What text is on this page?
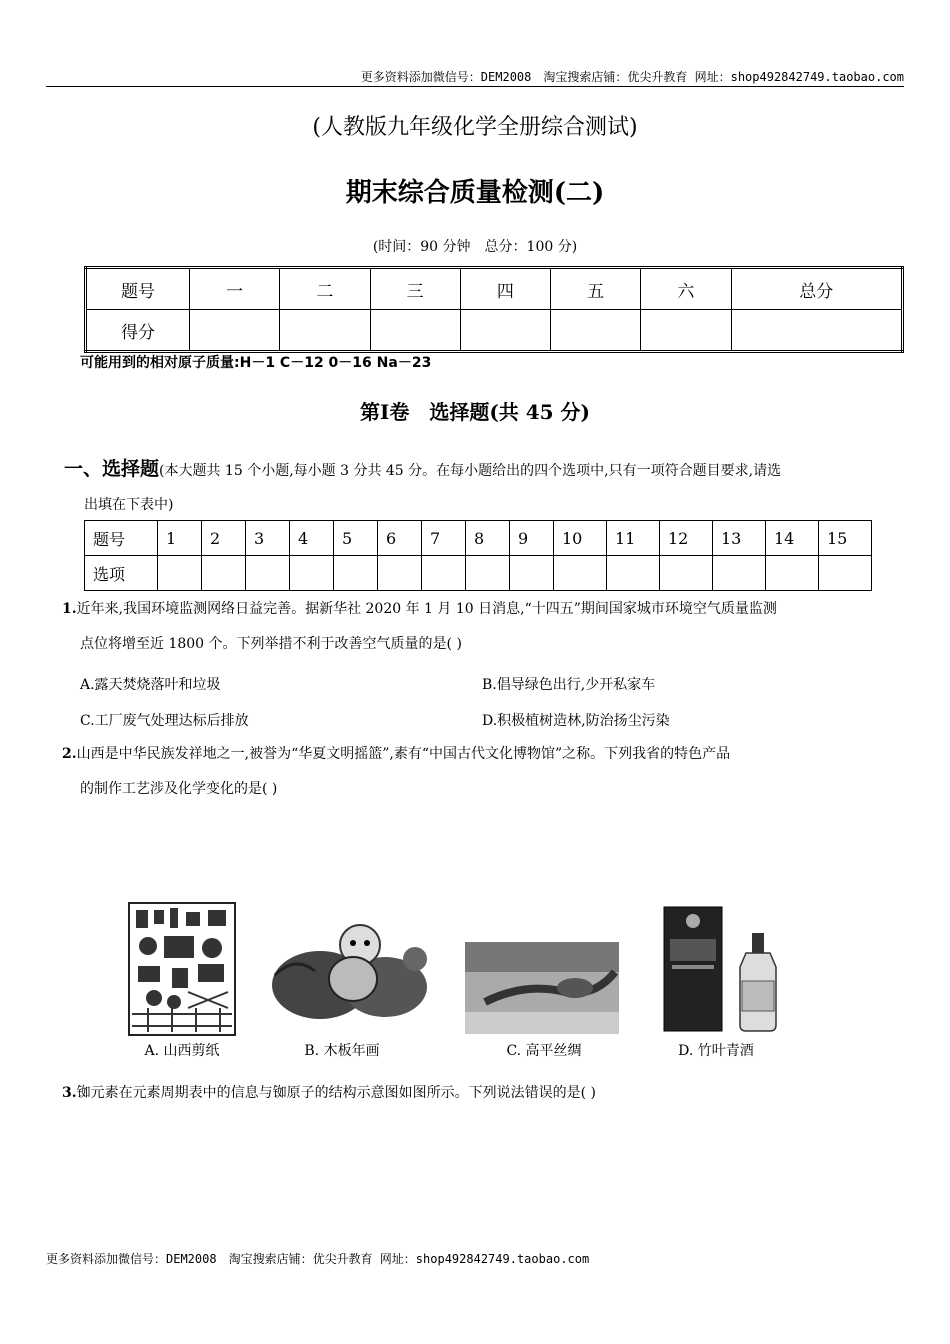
更多资料添加微信号：DEM2008　淘宝搜索店铺：优尖升教育 网址：shop492842749.taobao.com
(人教版九年级化学全册综合测试)
期末综合质量检测(二)
(时间：90 分钟　总分：100 分)
题号	一	二	三	四	五	六	总分
得分							
可能用到的相对原子质量:H－1 C－12 0－16 Na－23
第Ⅰ卷　选择题(共 45 分)
一、选择题(本大题共 15 个小题,每小题 3 分共 45 分。在每小题给出的四个选项中,只有一项符合题目要求,请选
出填在下表中)
题号	1	2	3	4	5	6	7	8	9	10	11	12	13	14	15
选项															
1.近年来,我国环境监测网络日益完善。据新华社 2020 年 1 月 10 日消息,“十四五”期间国家城市环境空气质量监测
点位将增至近 1800 个。下列举措不利于改善空气质量的是( )
A.露天焚烧落叶和垃圾	B.倡导绿色出行,少开私家车
C.工厂废气处理达标后排放	D.积极植树造林,防治扬尘污染
2.山西是中华民族发祥地之一,被誉为“华夏文明摇篮”,素有“中国古代文化博物馆”之称。下列我省的特色产品
的制作工艺涉及化学变化的是( )
A. 山西剪纸	B. 木板年画	C. 高平丝绸	D. 竹叶青酒
3.铷元素在元素周期表中的信息与铷原子的结构示意图如图所示。下列说法错误的是( )
更多资料添加微信号：DEM2008　淘宝搜索店铺：优尖升教育 网址：shop492842749.taobao.com
